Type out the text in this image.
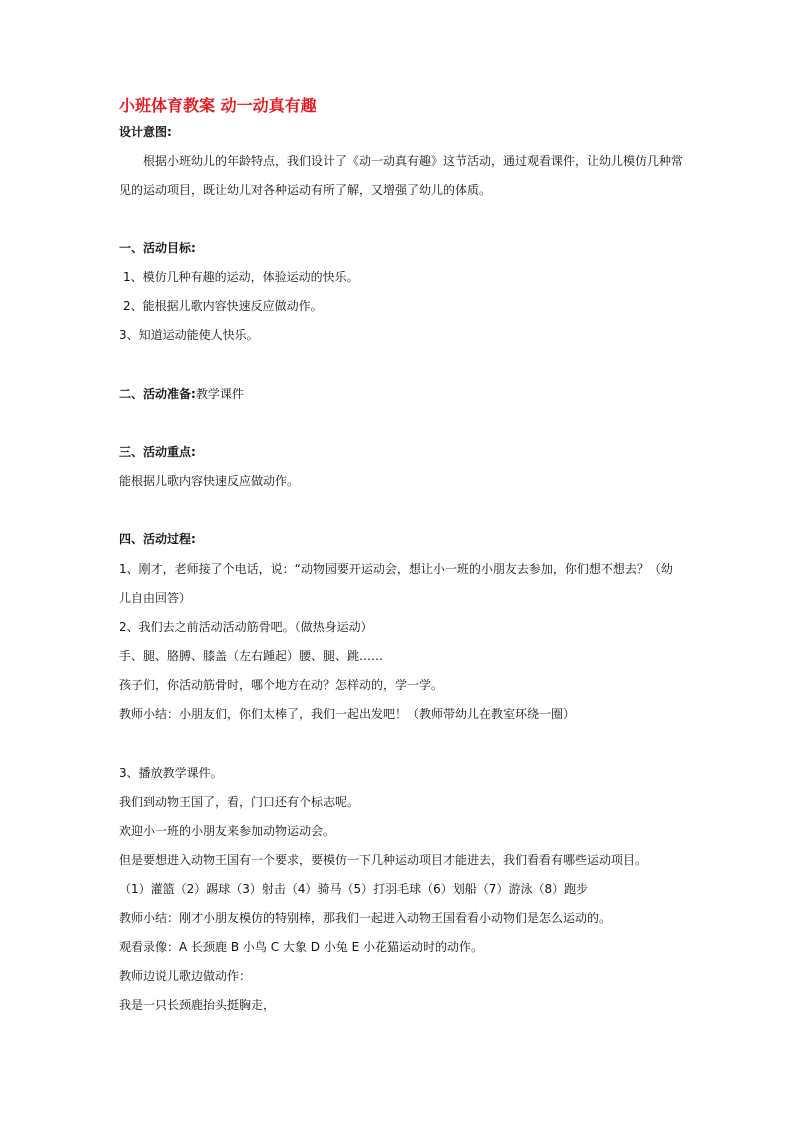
小班体育教案 动一动真有趣
设计意图:
根据小班幼儿的年龄特点，我们设计了《动一动真有趣》这节活动，通过观看课件，让幼儿模仿几种常
见的运动项目，既让幼儿对各种运动有所了解，又增强了幼儿的体质。
一、活动目标:
1、模仿几种有趣的运动，体验运动的快乐。
2、能根据儿歌内容快速反应做动作。
3、知道运动能使人快乐。
二、活动准备:教学课件
三、活动重点:
能根据儿歌内容快速反应做动作。
四、活动过程:
1、刚才，老师接了个电话，说：“动物园要开运动会，想让小一班的小朋友去参加，你们想不想去？（幼
儿自由回答）
2、我们去之前活动活动筋骨吧。（做热身运动）
手、腿、胳膊、膝盖（左右踵起）腰、腿、跳……
孩子们，你活动筋骨时，哪个地方在动？怎样动的，学一学。
教师小结：小朋友们，你们太棒了，我们一起出发吧！（教师带幼儿在教室环绕一圈）
3、播放教学课件。
我们到动物王国了，看，门口还有个标志呢。
欢迎小一班的小朋友来参加动物运动会。
但是要想进入动物王国有一个要求，要模仿一下几种运动项目才能进去，我们看看有哪些运动项目。
（1）灌篮（2）踢球（3）射击（4）骑马（5）打羽毛球（6）划船（7）游泳（8）跑步
教师小结：刚才小朋友模仿的特别棒，那我们一起进入动物王国看看小动物们是怎么运动的。
观看录像：A 长颈鹿 B 小鸟 C 大象 D 小兔 E 小花猫运动时的动作。
教师边说儿歌边做动作：
我是一只长颈鹿抬头挺胸走，
